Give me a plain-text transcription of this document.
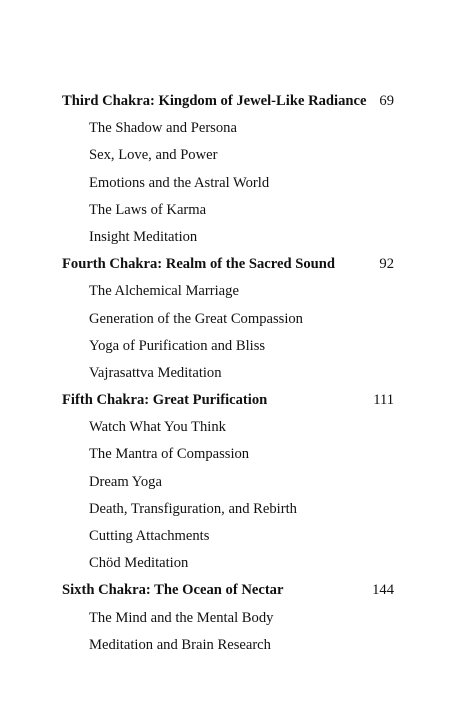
Third Chakra: Kingdom of Jewel-Like Radiance 69
The Shadow and Persona
Sex, Love, and Power
Emotions and the Astral World
The Laws of Karma
Insight Meditation
Fourth Chakra: Realm of the Sacred Sound	92
The Alchemical Marriage
Generation of the Great Compassion
Yoga of Purification and Bliss
Vajrasattva Meditation
Fifth Chakra: Great Purification	111
Watch What You Think
The Mantra of Compassion
Dream Yoga
Death, Transfiguration, and Rebirth
Cutting Attachments
Chöd Meditation
Sixth Chakra: The Ocean of Nectar	144
The Mind and the Mental Body
Meditation and Brain Research
